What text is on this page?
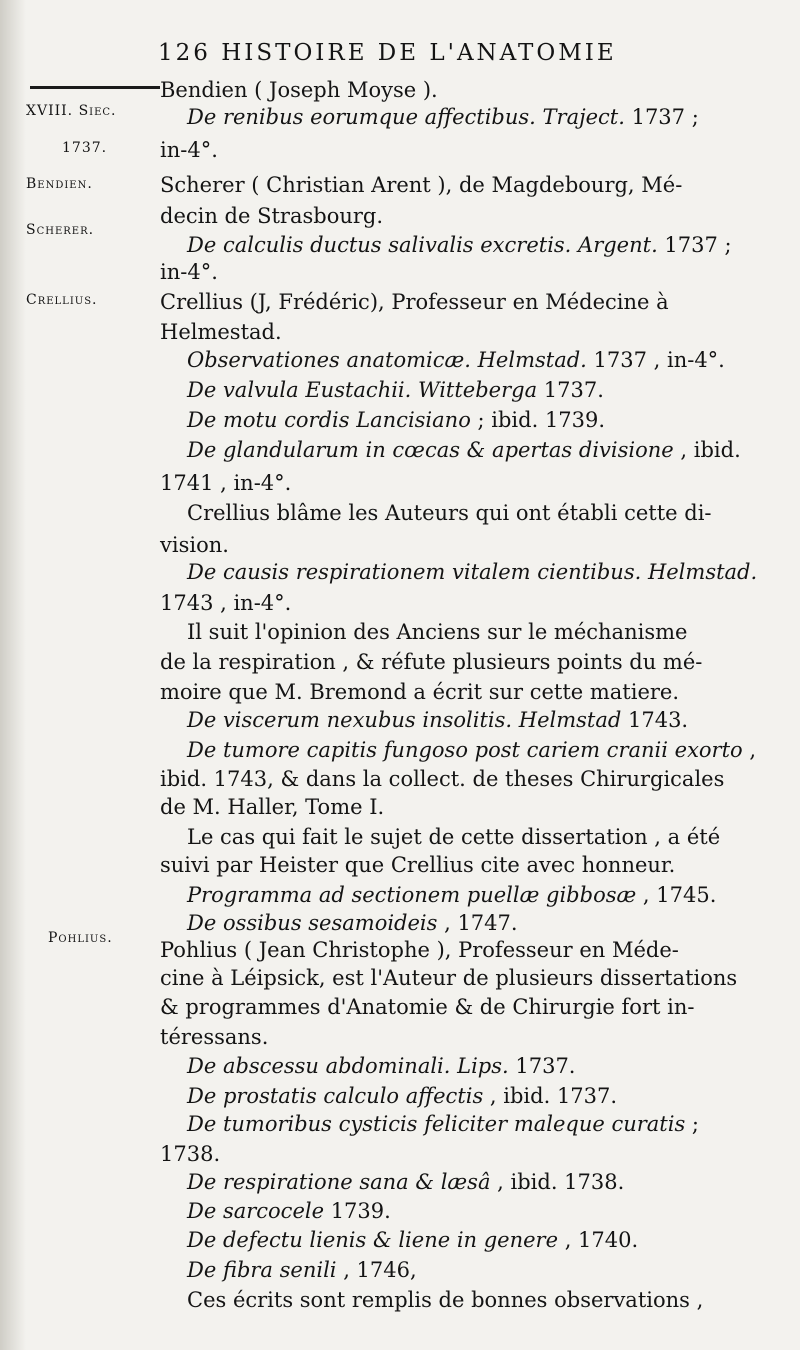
126 HISTOIRE DE L'ANATOMIE
XVIII. Siec.
1737.
Bendien.
Scherer.
Crellius.
Pohlius.
Bendien ( Joseph Moyse ).
De renibus eorumque affectibus. Traject. 1737 ;
in-4°.
Scherer ( Christian Arent ), de Magdebourg, Mé-
decin de Strasbourg.
De calculis ductus salivalis excretis. Argent. 1737 ;
in-4°.
Crellius (J, Frédéric), Professeur en Médecine à
Helmestad.
Observationes anatomicæ. Helmstad. 1737 , in-4°.
De valvula Eustachii. Witteberga 1737.
De motu cordis Lancisiano ; ibid. 1739.
De glandularum in cœcas & apertas divisione , ibid.
1741 , in-4°.
Crellius blâme les Auteurs qui ont établi cette di-
vision.
De causis respirationem vitalem cientibus. Helmstad.
1743 , in-4°.
Il suit l'opinion des Anciens sur le méchanisme
de la respiration , & réfute plusieurs points du mé-
moire que M. Bremond a écrit sur cette matiere.
De viscerum nexubus insolitis. Helmstad 1743.
De tumore capitis fungoso post cariem cranii exorto ,
ibid. 1743, & dans la collect. de theses Chirurgicales
de M. Haller, Tome I.
Le cas qui fait le sujet de cette dissertation , a été
suivi par Heister que Crellius cite avec honneur.
Programma ad sectionem puellæ gibbosæ , 1745.
De ossibus sesamoideis , 1747.
Pohlius ( Jean Christophe ), Professeur en Méde-
cine à Léipsick, est l'Auteur de plusieurs dissertations
& programmes d'Anatomie & de Chirurgie fort in-
téressans.
De abscessu abdominali. Lips. 1737.
De prostatis calculo affectis , ibid. 1737.
De tumoribus cysticis feliciter maleque curatis ;
1738.
De respiratione sana & læsâ , ibid. 1738.
De sarcocele 1739.
De defectu lienis & liene in genere , 1740.
De fibra senili , 1746,
Ces écrits sont remplis de bonnes observations ,
